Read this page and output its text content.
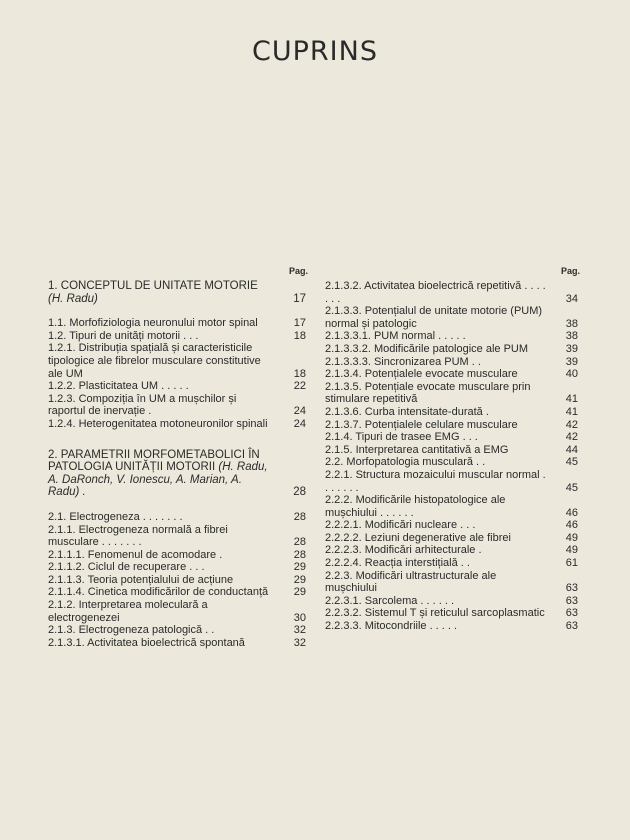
CUPRINS
Pag.
1. CONCEPTUL DE UNITATE MOTORIE (H. Radu)	17
1.1. Morfofiziologia neuronului motor spinal	17
1.2. Tipuri de unități motorii . . .	18
1.2.1. Distribuția spațială și caracteristicile tipologice ale fibrelor musculare constitutive ale UM	18
1.2.2. Plasticitatea UM . . . . .	22
1.2.3. Compoziția în UM a mușchilor și raportul de inervație .	24
1.2.4. Heterogenitatea motoneuronilor spinali 24
2. PARAMETRII MORFOMETABOLICI ÎN PATOLOGIA UNITĂȚII MOTORII (H. Radu, A. DaRonch, V. Ionescu, A. Marian, A. Radu) .	28
2.1. Electrogeneza . . . . . . .	28
2.1.1. Electrogeneza normală a fibrei musculare . . . . . . .	28
2.1.1.1. Fenomenul de acomodare .	28
2.1.1.2. Ciclul de recuperare . . .	29
2.1.1.3. Teoria potențialului de acțiune	29
2.1.1.4. Cinetica modificărilor de conductanță 29
2.1.2. Interpretarea moleculară a electrogenezei	30
2.1.3. Electrogeneza patologică . .	32
2.1.3.1. Activitatea bioelectrică spontană	32
Pag.
2.1.3.2. Activitatea bioelectrică repetitivă . . . . . . .	34
2.1.3.3. Potențialul de unitate motorie (PUM) normal și patologic	38
2.1.3.3.1. PUM normal . . . . .	38
2.1.3.3.2. Modificările patologice ale PUM	39
2.1.3.3.3. Sincronizarea PUM . .	39
2.1.3.4. Potențialele evocate musculare	40
2.1.3.5. Potențiale evocate musculare prin stimulare repetitivă	41
2.1.3.6. Curba intensitate-durată .	41
2.1.3.7. Potențialele celulare musculare	42
2.1.4. Tipuri de trasee EMG . . .	42
2.1.5. Interpretarea cantitativă a EMG	44
2.2. Morfopatologia musculară . .	45
2.2.1. Structura mozaicului muscular normal . . . . . . .	45
2.2.2. Modificările histopatologice ale mușchiului . . . . . .	46
2.2.2.1. Modificări nucleare . . .	46
2.2.2.2. Leziuni degenerative ale fibrei	49
2.2.2.3. Modificări arhitecturale .	49
2.2.2.4. Reacția interstițială . .	61
2.2.3. Modificări ultrastructurale ale mușchiului	63
2.2.3.1. Sarcolema . . . . . .	63
2.2.3.2. Sistemul T și reticulul sarcoplasmatic 63
2.2.3.3. Mitocondriile . . . . .	63
